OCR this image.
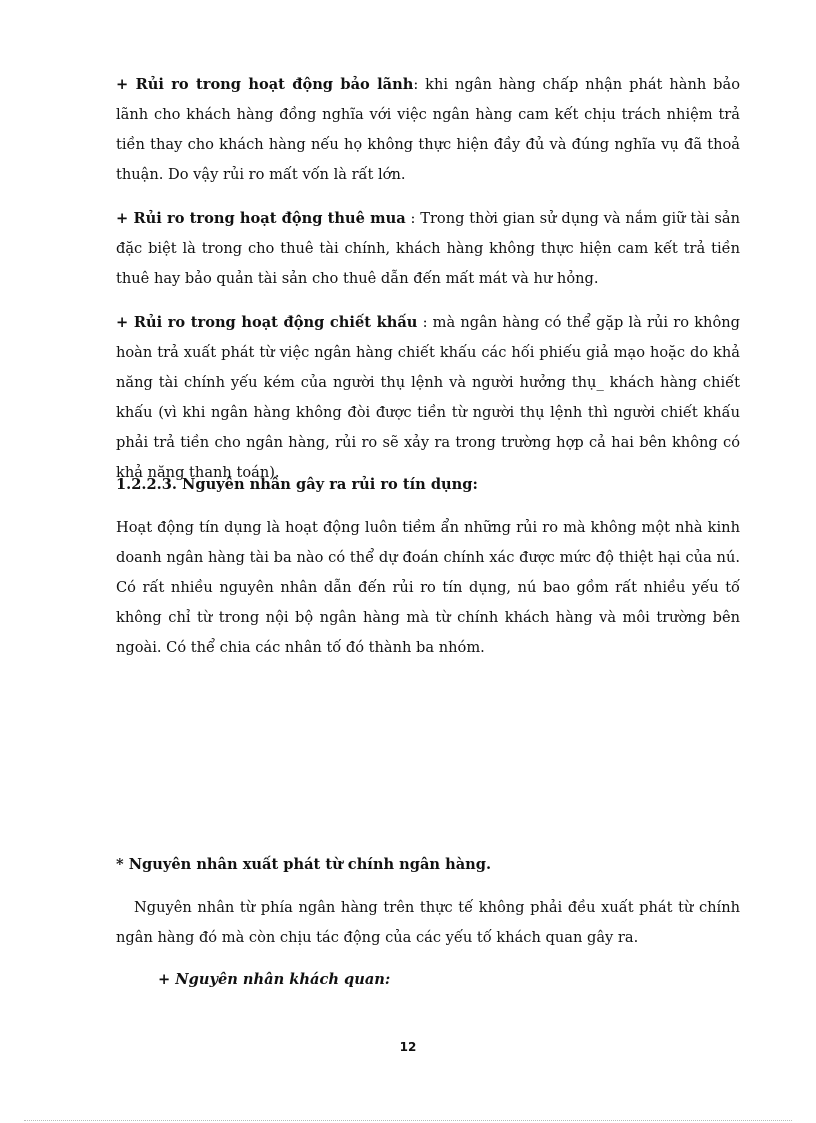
+ Rủi ro trong hoạt động bảo lãnh: khi ngân hàng chấp nhận phát hành bảo lãnh cho khách hàng đồng nghĩa với việc ngân hàng cam kết chịu trách nhiệm trả tiền thay cho khách hàng nếu họ không thực hiện đầy đủ và đúng nghĩa vụ đã thoả thuận. Do vậy rủi ro mất vốn là rất lớn.

+ Rủi ro trong hoạt động thuê mua : Trong thời gian sử dụng và nắm giữ tài sản đặc biệt là trong cho thuê tài chính, khách hàng không thực hiện cam kết trả tiền thuê hay bảo quản tài sản cho thuê dẫn đến mất mát và hư hỏng.

+ Rủi ro trong hoạt động chiết khấu : mà ngân hàng có thể gặp là rủi ro không hoàn trả xuất phát từ việc ngân hàng chiết khấu các hối phiếu giả mạo hoặc do khả năng tài chính yếu kém của người thụ lệnh và người hưởng thụ_ khách hàng chiết khấu (vì khi ngân hàng không đòi được tiền từ người thụ lệnh thì người chiết khấu phải trả tiền cho ngân hàng, rủi ro sẽ xảy ra trong trường hợp cả hai bên không có khả năng thanh toán).

1.2.2.3. Nguyên nhân gây ra rủi ro tín dụng:

Hoạt động tín dụng là hoạt động luôn tiềm ẩn những rủi ro mà không một nhà kinh doanh ngân hàng tài ba nào có thể dự đoán chính xác được mức độ thiệt hại của nú. Có rất nhiều nguyên nhân dẫn đến rủi ro tín dụng, nú bao gồm rất nhiều yếu tố không chỉ từ trong nội bộ ngân hàng mà từ chính khách hàng và môi trường bên ngoài. Có thể chia các nhân tố đó thành ba nhóm.

* Nguyên nhân xuất phát từ chính ngân hàng.

Nguyên nhân từ phía ngân hàng trên thực tế không phải đều xuất phát từ chính ngân hàng đó mà còn chịu tác động của các yếu tố khách quan gây ra.

+ Nguyên nhân khách quan:

12
